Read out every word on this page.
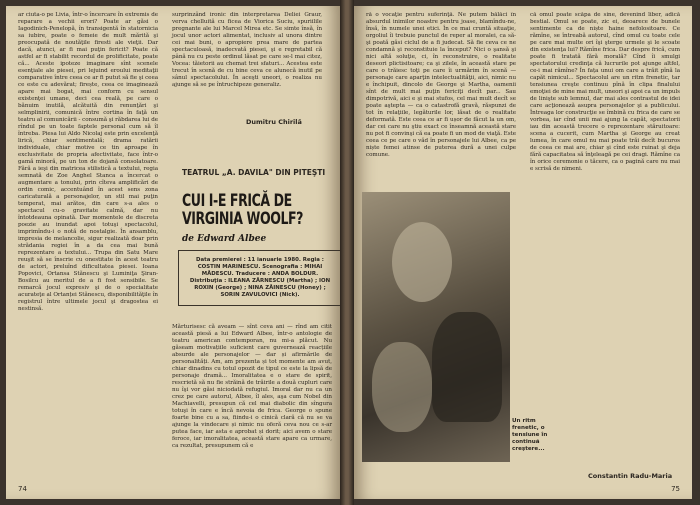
ar ciuta-o pe Livia, într-o încercare în extremis de reparare a vechii erori? Poate ar găsi o Iagodinich-Penelopă, în transigentă în statornicia sa iubire, poate o femeie de mult mărită şi preocupată de noutăţile firesti ale vieţii. Dar dacă, atunci, ar fi mai puţin fericit? Poate că astfel ar fi stabilit recordul de prolificitate, poate că... Aceste ipoteze imaginare sînt scenele esenţiale ale piesei, pri lejuind eroului meditaţii comparative între ceea ce ar fi putut să fie şi ceea ce este cu adevărat; firește, ceea ce imaginează apare mai bogat, mai conform cu sensul existenţei umane, deci cea reală, pe care o bănuim inutilă, alcătuită din renunţări şi selmplinirii, comunică între cortina în faţă un teatru al comunicării - consumă şi răbdarea lui de rîndul pe un toate faptele personal cum să îl întreba. Piesa lui Aldo Nicolaj este prin excelenţă lirică, chiar sentimentală; drama ratării individuale, chiar motive ce tin aproape în exclusivitate de propria afectivitate, face într-o gamă minoră, pe un ton de dojană consolatoare. Fără a ieşi din matricea stilistică a textului, regia semnată de Zoe Anghel Stanca a încercat o augmentare a tonului, prin cîteva amplificări de ordin comic, accentuând în acest sens zona caricaturală a personajelor, un stil mai puţin temperat, mai arătos, din care s-a ales o spectacul cu-o gravitate calmă, dar nu întotdeauna opinată. Dar momentele de discreta poezie au inundat apoi totuşi spectacolul, imprimîndu-i o notă de nostalgie. În ansamblu, impresia de melancolie, sigur realizată doar prin strădania regiei în a da cea mai bună reprezentare a textului... Trupa din Satu Mare reuşit să se înscrie cu onestitate în acest teatru de actori, preluînd dificultatea piesei. Ioana Popovici, Ortansa Stănescu şi Luminiţa Şiran-Bosilcu au meritul de a fi fost sensibile. Se remarcă jocul expresiv şi de o specialitate acurateţe al Ortanței Stănescu, disponibilităţile în registrul între ultimele jocul şi dragostea ei nestinsă.

surprinzând ironic din interpretarea Deliei Graur, verva chelluită cu ficea de Viorica Suciu, spuriilile pregnante ale lui Marcel Mirea etc. Se simte însă, în jocul unor actori alimentat, inclusiv al unora dintre cei mai buni, o apropiere prea mare de partea spectaculoasă, inadecvată piesei, şi e regretabil că până nu cu peste ordinul lăsat pe care se-l mai citez, Vocea: tăietorii au chemat trei sfaturi... Acestea este trecut în scenă de cu bine ceva ce alunecă inutil pe sânul spectacolului. În aceşti uneori, o realiza nu ajunge să se pe întruchipeze generaliz.

Dumitru Chirilă
TEATRUL „A. DAVILA" DIN PITEŞTI
CUI I-E FRICĂ DE VIRGINIA WOOLF?
de Edward Albee
Data premierei : 11 ianuarie 1980. Regia : COSTIN MARINESCU. Scenografia : MIHAI MĂDESCU. Traducere : ANDA BOLDUR. Distribuţia : ILEANA ZĂRNESCU (Martha) ; ION ROXIN (George) ; NINA ZĂINESCU (Honey) ; SORIN ZAVULOVICI (Nick).

Mărturisesc că aveam — sînt ceva ani — rînd am citit această piesă a lui Edward Albee, într-o antologie de teatru american contemporan, nu mi-a plăcut. Nu găseam motivațiile suficient care guvernează reacțiile absurde ale personajelor — dar și afirmările de personalități. Am, am prezenta și tot momente am avut, chiar dinadins cu totul opozit de tipul ce este la lipsă de personaje dramă... Imoralitatea e o stare de spirit, rescrietă să nu fie străină de trăirile a două cupluri care nu îşi vor găsi niciodată refugiul. Imoral dar nu ca un crez pe care autorul, Albee, îl ales, aşa cum Nobel din Machiavelli, presupun că cel mai diabolic din sîngura totuşi în care e încă nevoia de frica. George o spune foarte bine cu a sa, fiindu-i o cinică clară că nu se va ajunge la vindecare și nimic nu oferă ceva nou ce s-ar putea face, iar asta e aprobat și dorit; aici avem o stare feroce, iar imoralitatea, această stare apare ca urmare, ca rezultat, presupunem că e

74

ră o vocaţie pentru suferinţă. Ne putem bălăci în absurdul inimilor noastre pentru joase, blamîndu-ne, însă, în numele unei etici. În ce mai cruntă situaţie, orgoliul îi trebuie punctul de reper al moralei, ca să-şi poată găsi ciclul de a fi judecat. Să fie ceva ce ne condamnă şi reconstituie la început? Nici o şansă şi nici altă soluţie, ci, în reconstruire, o realitate deseori plictisitoare; ca şi zilele, în această stare pe care o trăiesc toţi pe care îi urmărim în scenă — personaje care aparţin intelectualităţii, aici, nimic nu e închipuit, dincolo de George şi Martha, oamenii sînt de mult mai puţin fericiţi decît par... Sau dimpotrivă, aici e şi mai stufos, cel mai mult decît se poate aştepta — ca o catastrofă gravă, răspunzi de tot în relaţiile, legăturile lor, lăsat de o realitate deformată. Este ceea ce ar fi ușor de făcut la un om, dar cei care nu ştiu exact ce înseamnă această stare nu pot fi convinşi că ea poate fi un mod de viaţă. Este ceea ce pe care o văd în personajele lui Albee, ca pe niște femei atinse de puterea dură a unei culpe comune.

Un ritm frenetic, o tensiune în continuă creştere...

că omul poate scăpa de sine, devenind liber, adică bestial. Omul se poate, zic ei, deoarece de bunele sentimente ca de niște haine nefolositoare. Ce rămîne, se întreabă autorul, cînd omul cu toate cele pe care mai multe ori îşi şterge urmele şi le scoate din existenţa lui? Rămîne frica. Dar despre frică, cum poate fi tratată fără morală? Cînd îi smulgi spectatorului credinţa că lucrurile pot ajunge altfel, ce-i mai rămîne? În fața unui om care a trăit pînă la capăt nimicul... Spectacolul are un ritm frenetic, tar tensiunea creşte continuu pînă în clipa finalului emoţiei de mine mai mult, uneori şi apoi ca un impuls de linişte sub lemnul, dar mai ales contrastul de idei care acţionează asupra personajelor şi a publicului. Întreaga lor construcţie se îmbină cu frica de care se vorbea, iar cînd unii mai ajung la capăt, spectatorii iau din această trecere o reprezentare stăruitoare: scena a cucerit, cum Martha şi George au creat lumea, în care omul nu mai poate trăi decît bucuros de ceea ce mai are, chiar şi cînd este ruinat şi deja fără capacitatea să înţeleagă pe cei dragi. Rămîne ca în orice ceremonie o tăcere, ca o pagină care nu mai e scrisă de nimeni.

Constantin Radu-Maria
75
